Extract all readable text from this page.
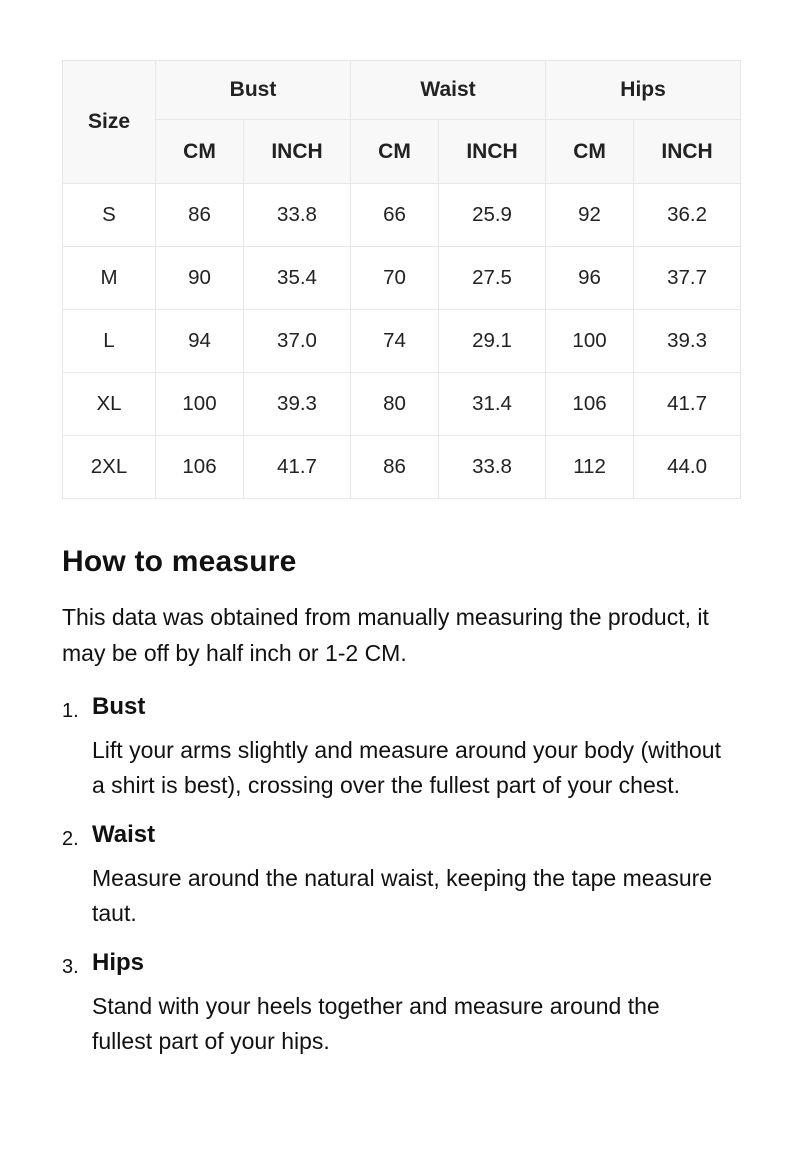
Size	Bust		Waist		Hips	
	CM	INCH	CM	INCH	CM	INCH
S	86	33.8	66	25.9	92	36.2
M	90	35.4	70	27.5	96	37.7
L	94	37.0	74	29.1	100	39.3
XL	100	39.3	80	31.4	106	41.7
2XL	106	41.7	86	33.8	112	44.0
How to measure

This data was obtained from manually measuring the product, it may be off by half inch or 1-2 CM.

1. Bust

Lift your arms slightly and measure around your body (without a shirt is best), crossing over the fullest part of your chest.

2. Waist

Measure around the natural waist, keeping the tape measure taut.

3. Hips

Stand with your heels together and measure around the fullest part of your hips.
